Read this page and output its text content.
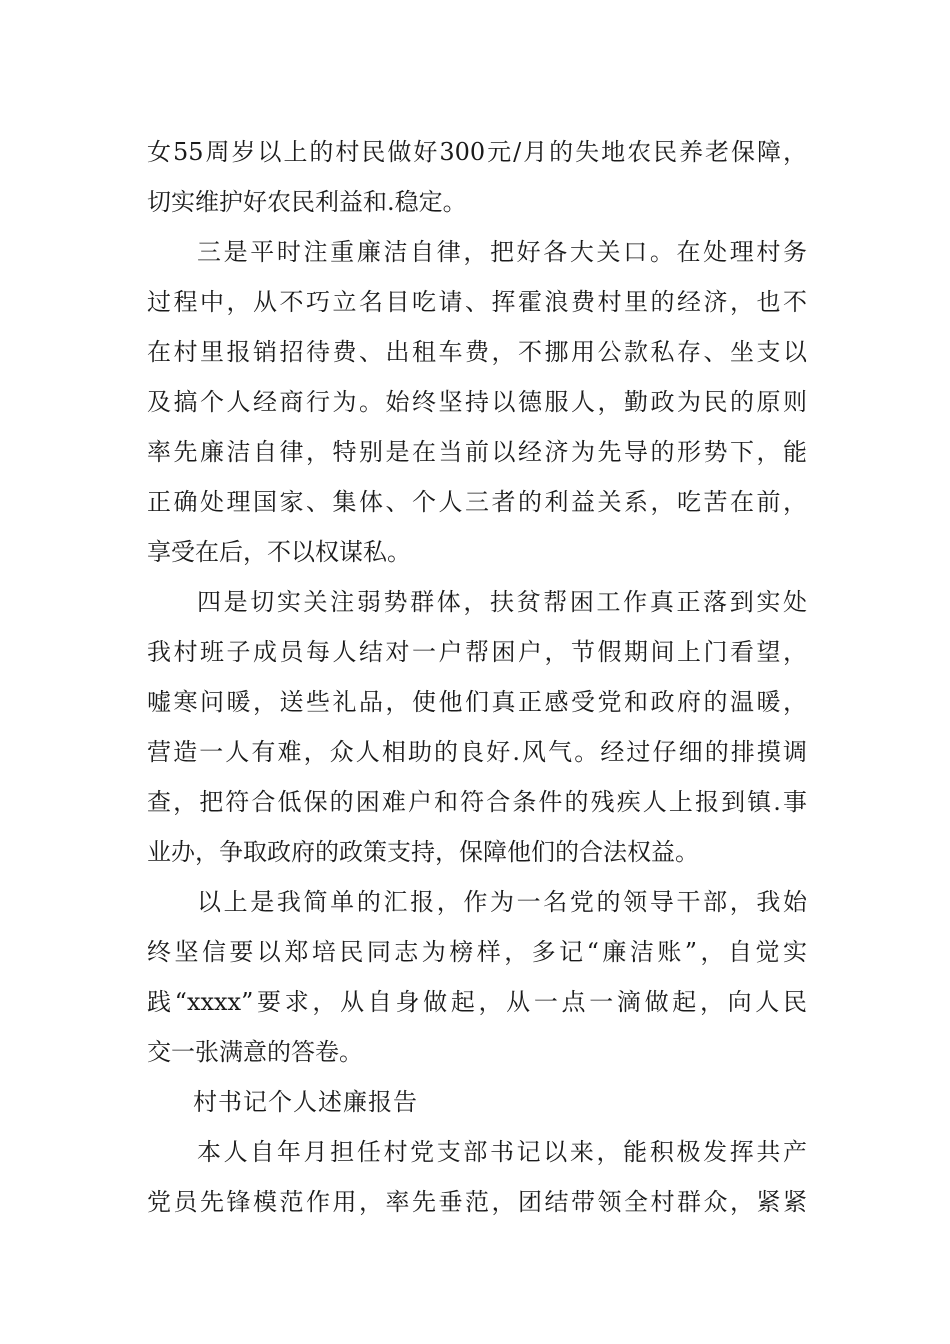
女55周岁以上的村民做好300元/月的失地农民养老保障，
切实维护好农民利益和.稳定。
三是平时注重廉洁自律，把好各大关口。在处理村务
过程中，从不巧立名目吃请、挥霍浪费村里的经济，也不
在村里报销招待费、出租车费，不挪用公款私存、坐支以
及搞个人经商行为。始终坚持以德服人，勤政为民的原则
率先廉洁自律，特别是在当前以经济为先导的形势下，能
正确处理国家、集体、个人三者的利益关系，吃苦在前，
享受在后，不以权谋私。
四是切实关注弱势群体，扶贫帮困工作真正落到实处
我村班子成员每人结对一户帮困户，节假期间上门看望，
嘘寒问暖，送些礼品，使他们真正感受党和政府的温暖，
营造一人有难，众人相助的良好.风气。经过仔细的排摸调
查，把符合低保的困难户和符合条件的残疾人上报到镇.事
业办，争取政府的政策支持，保障他们的合法权益。
以上是我简单的汇报，作为一名党的领导干部，我始
终坚信要以郑培民同志为榜样，多记“廉洁账”，自觉实
践“xxxx”要求，从自身做起，从一点一滴做起，向人民
交一张满意的答卷。
村书记个人述廉报告
本人自年月担任村党支部书记以来，能积极发挥共产
党员先锋模范作用，率先垂范，团结带领全村群众，紧紧
